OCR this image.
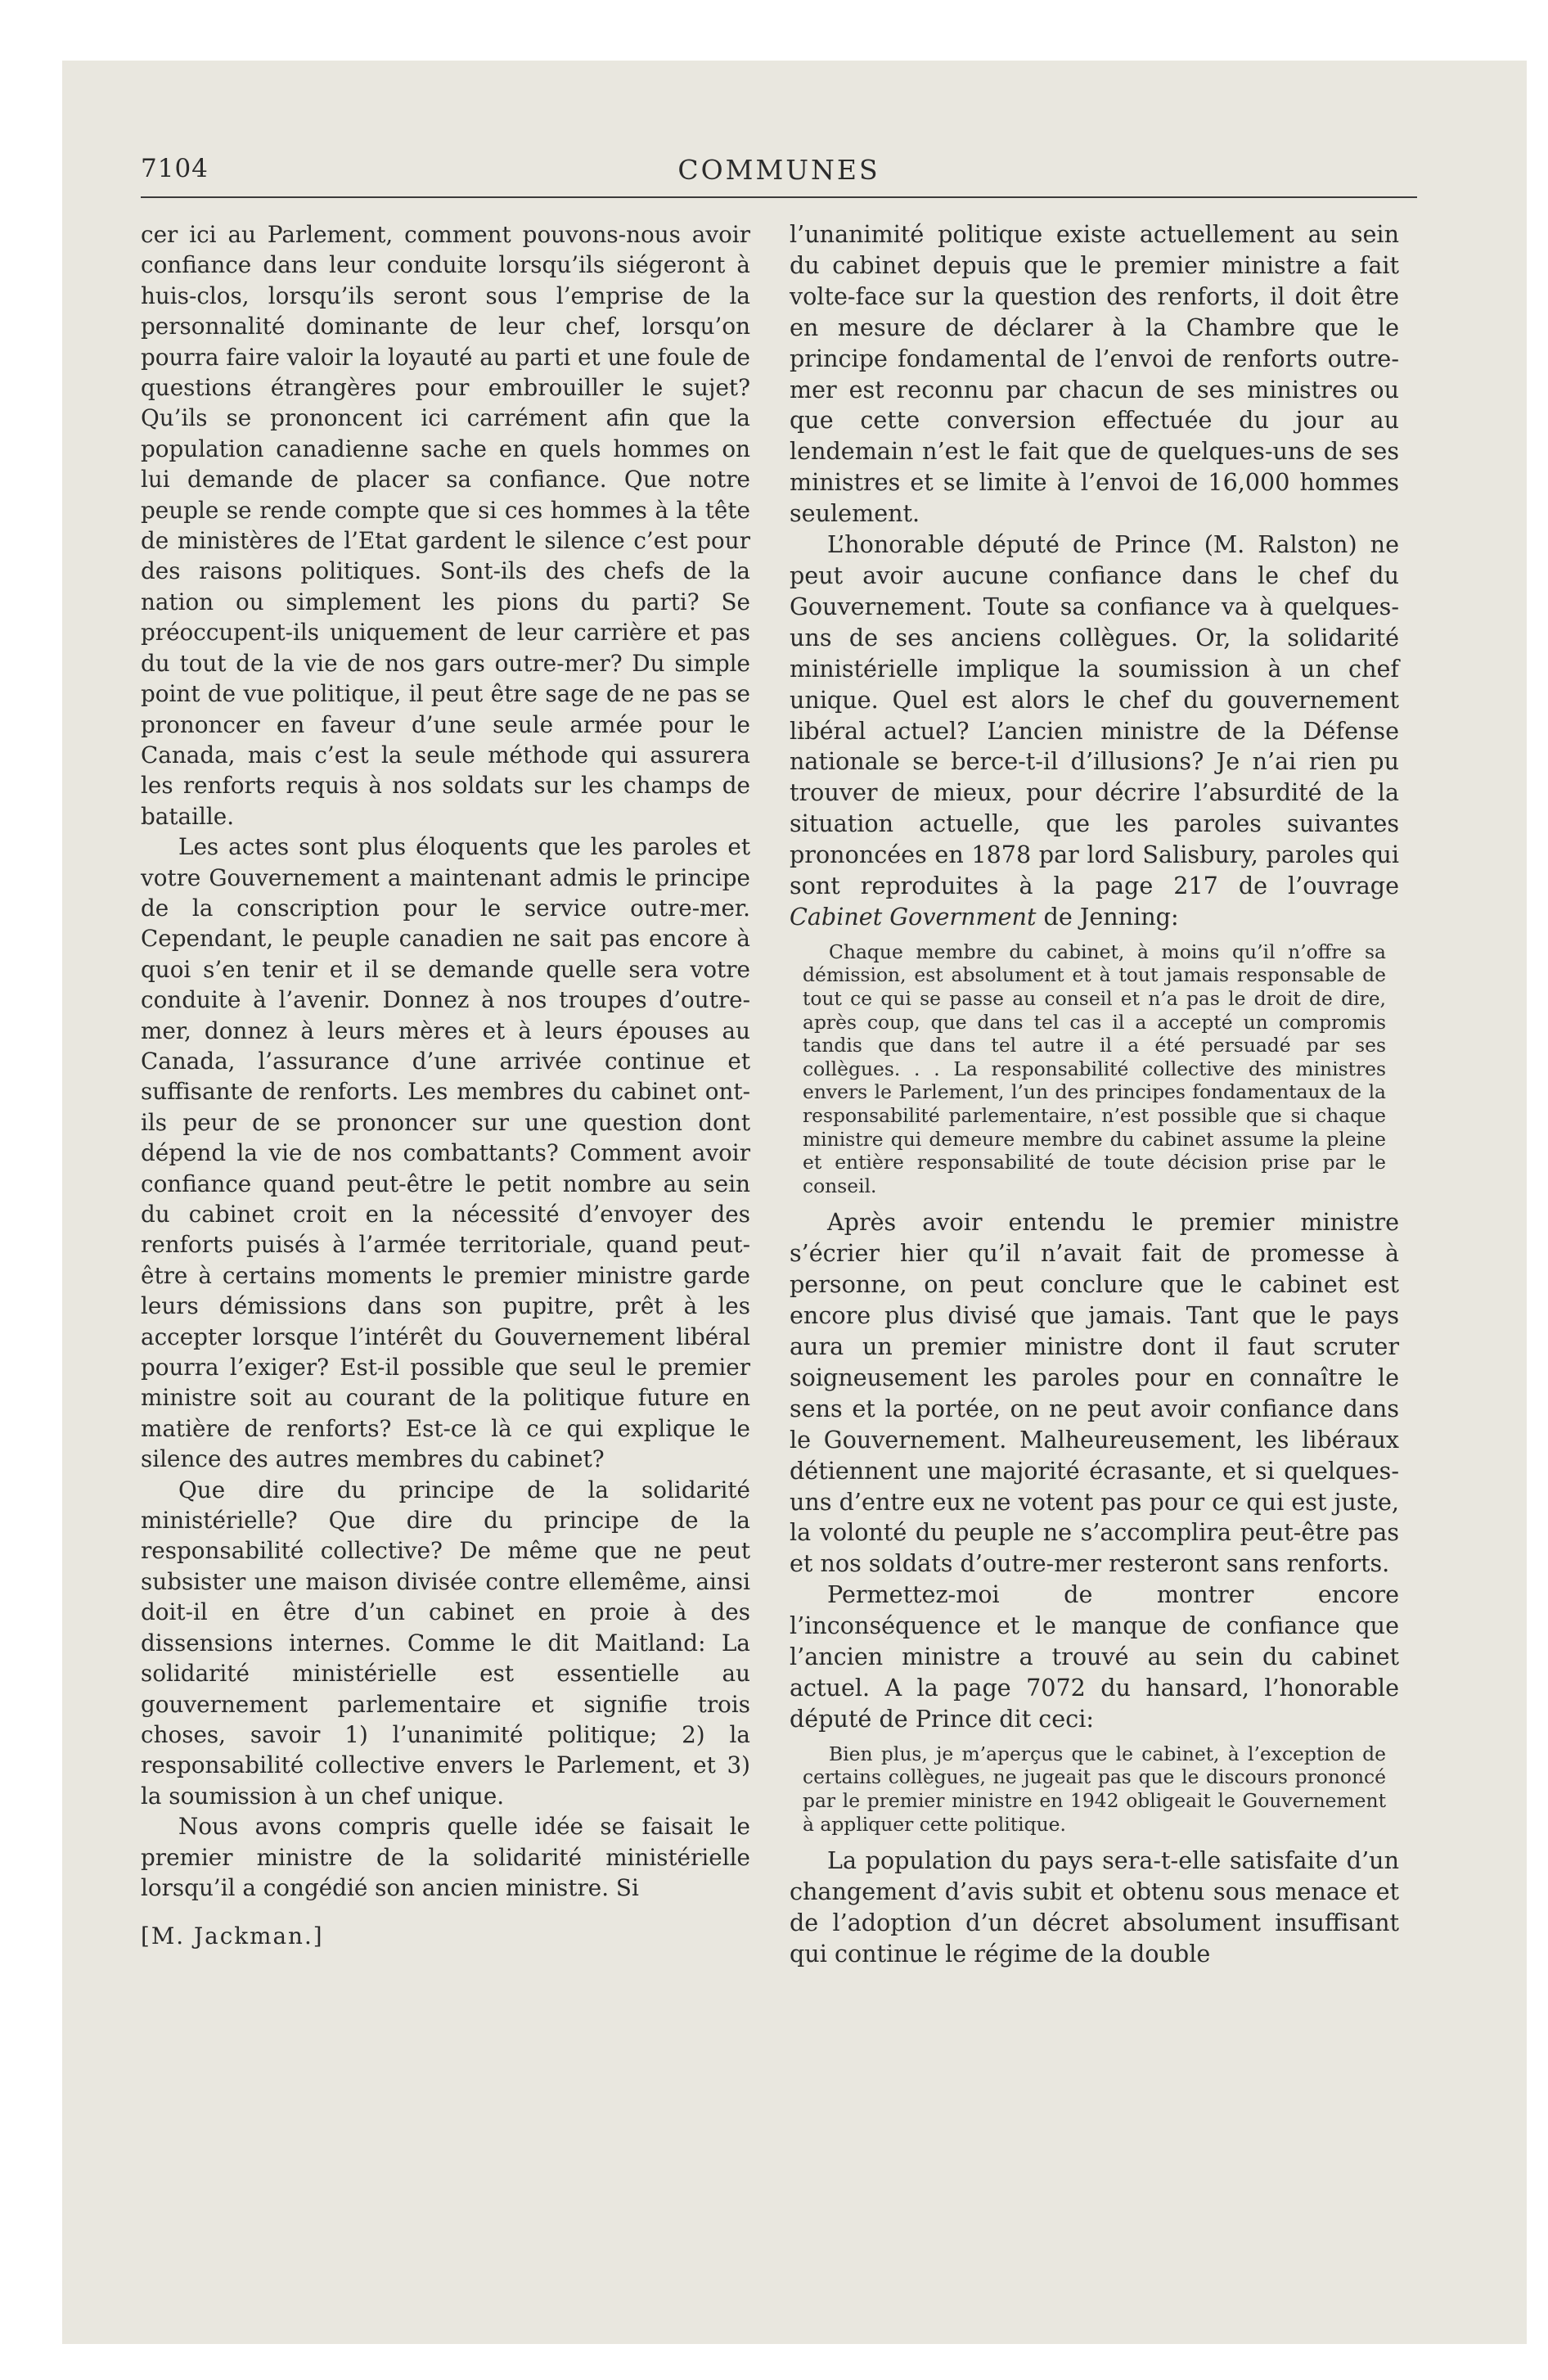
7104	COMMUNES

cer ici au Parlement, comment pouvons-nous avoir confiance dans leur conduite lorsqu’ils siégeront à huis-clos, lorsqu’ils seront sous l’emprise de la personnalité dominante de leur chef, lorsqu’on pourra faire valoir la loyauté au parti et une foule de questions étrangères pour embrouiller le sujet? Qu’ils se prononcent ici carrément afin que la population canadienne sache en quels hommes on lui demande de placer sa confiance. Que notre peuple se rende compte que si ces hommes à la tête de ministères de l’Etat gardent le silence c’est pour des raisons politiques. Sont-ils des chefs de la nation ou simplement les pions du parti? Se préoccupent-ils uniquement de leur carrière et pas du tout de la vie de nos gars outre-mer? Du simple point de vue politique, il peut être sage de ne pas se prononcer en faveur d’une seule armée pour le Canada, mais c’est la seule méthode qui assurera les renforts requis à nos soldats sur les champs de bataille.

Les actes sont plus éloquents que les paroles et votre Gouvernement a maintenant admis le principe de la conscription pour le service outre-mer. Cependant, le peuple canadien ne sait pas encore à quoi s’en tenir et il se demande quelle sera votre conduite à l’avenir. Donnez à nos troupes d’outre-mer, donnez à leurs mères et à leurs épouses au Canada, l’assurance d’une arrivée continue et suffisante de renforts. Les membres du cabinet ont-ils peur de se prononcer sur une question dont dépend la vie de nos combattants? Comment avoir confiance quand peut-être le petit nombre au sein du cabinet croit en la nécessité d’envoyer des renforts puisés à l’armée territoriale, quand peut-être à certains moments le premier ministre garde leurs démissions dans son pupitre, prêt à les accepter lorsque l’intérêt du Gouvernement libéral pourra l’exiger? Est-il possible que seul le premier ministre soit au courant de la politique future en matière de renforts? Est-ce là ce qui explique le silence des autres membres du cabinet?

Que dire du principe de la solidarité ministérielle? Que dire du principe de la responsabilité collective? De même que ne peut subsister une maison divisée contre ellemême, ainsi doit-il en être d’un cabinet en proie à des dissensions internes. Comme le dit Maitland: La solidarité ministérielle est essentielle au gouvernement parlementaire et signifie trois choses, savoir 1) l’unanimité politique; 2) la responsabilité collective envers le Parlement, et 3) la soumission à un chef unique.

Nous avons compris quelle idée se faisait le premier ministre de la solidarité ministérielle lorsqu’il a congédié son ancien ministre. Si

[M. Jackman.]

l’unanimité politique existe actuellement au sein du cabinet depuis que le premier ministre a fait volte-face sur la question des renforts, il doit être en mesure de déclarer à la Chambre que le principe fondamental de l’envoi de renforts outre-mer est reconnu par chacun de ses ministres ou que cette conversion effectuée du jour au lendemain n’est le fait que de quelques-uns de ses ministres et se limite à l’envoi de 16,000 hommes seulement.

L’honorable député de Prince (M. Ralston) ne peut avoir aucune confiance dans le chef du Gouvernement. Toute sa confiance va à quelques-uns de ses anciens collègues. Or, la solidarité ministérielle implique la soumission à un chef unique. Quel est alors le chef du gouvernement libéral actuel? L’ancien ministre de la Défense nationale se berce-t-il d’illusions? Je n’ai rien pu trouver de mieux, pour décrire l’absurdité de la situation actuelle, que les paroles suivantes prononcées en 1878 par lord Salisbury, paroles qui sont reproduites à la page 217 de l’ouvrage Cabinet Government de Jenning:

Chaque membre du cabinet, à moins qu’il n’offre sa démission, est absolument et à tout jamais responsable de tout ce qui se passe au conseil et n’a pas le droit de dire, après coup, que dans tel cas il a accepté un compromis tandis que dans tel autre il a été persuadé par ses collègues. . . La responsabilité collective des ministres envers le Parlement, l’un des principes fondamentaux de la responsabilité parlementaire, n’est possible que si chaque ministre qui demeure membre du cabinet assume la pleine et entière responsabilité de toute décision prise par le conseil.

Après avoir entendu le premier ministre s’écrier hier qu’il n’avait fait de promesse à personne, on peut conclure que le cabinet est encore plus divisé que jamais. Tant que le pays aura un premier ministre dont il faut scruter soigneusement les paroles pour en connaître le sens et la portée, on ne peut avoir confiance dans le Gouvernement. Malheureusement, les libéraux détiennent une majorité écrasante, et si quelques-uns d’entre eux ne votent pas pour ce qui est juste, la volonté du peuple ne s’accomplira peut-être pas et nos soldats d’outre-mer resteront sans renforts.

Permettez-moi de montrer encore l’inconséquence et le manque de confiance que l’ancien ministre a trouvé au sein du cabinet actuel. A la page 7072 du hansard, l’honorable député de Prince dit ceci:

Bien plus, je m’aperçus que le cabinet, à l’exception de certains collègues, ne jugeait pas que le discours prononcé par le premier ministre en 1942 obligeait le Gouvernement à appliquer cette politique.

La population du pays sera-t-elle satisfaite d’un changement d’avis subit et obtenu sous menace et de l’adoption d’un décret absolument insuffisant qui continue le régime de la double
